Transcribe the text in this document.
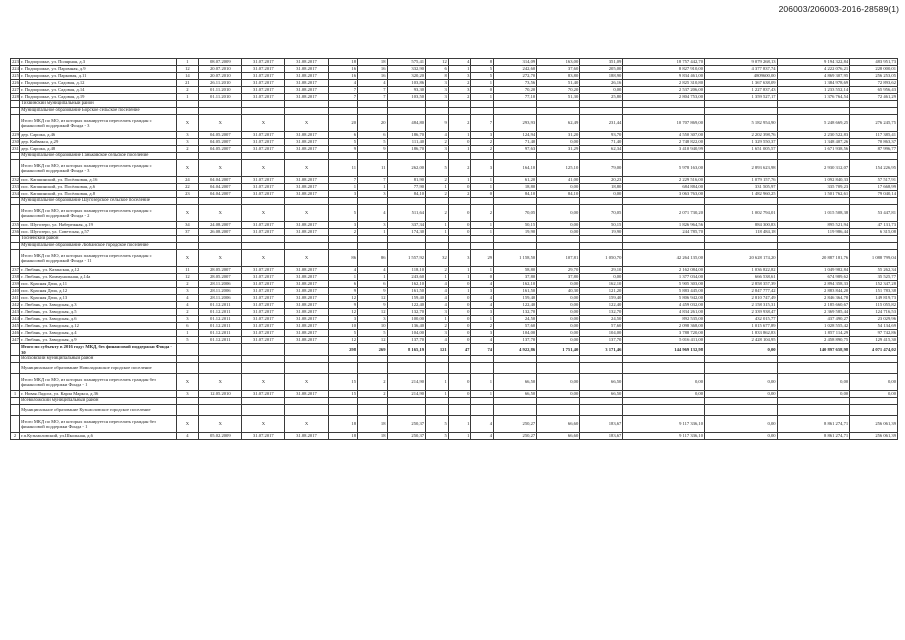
206003/206003-2016-28589(1)
223	г. Подпорожье, ул. Полярная, д.3	1	08.07.2009	31.07.2017	31.08.2017	18	18	575,41	12	4	8	314,09	163,00	351,09	18 757 442,70	9 079 268,13	9 194 322,84	483 951,73
224	г. Подпорожье, ул. Паромная, д.9	12	20.07.2010	31.07.2017	31.08.2017	16	16	332,90	6	1	5	242,60	37,60	205,00	8 827 910,00	4 377 837,74	4 222 076,21	228 000,01
225	г. Подпорожье, ул. Парковая, д.11	14	20.07.2010	31.07.2017	31.08.2017	16	16	320,20	8	3	5	272,70	83,80	188,90	9 834 461,00	4809600,00	4 869 307,95	256 253,05
226	г. Подпорожье, ул. Садовая, д.12	21	26.11.2010	31.07.2017	31.08.2017	4	4	103,86	3	2	1	73,56	51,40	26,16	2 825 310,80	1 367 638,09	1 384 978,69	72 893,62
227	г. Подпорожье, ул. Садовая, д.14	2	01.11.2010	31.07.2017	31.08.2017	7	7	93,30	3	3	0	70,20	70,20	0,00	2 537 206,00	1 227 837,43	1 233 552,14	65 956,43
228	г. Подпорожье, ул. Садовая, д.19	1	01.11.2010	31.07.2017	31.08.2017	7	7	103,50	3	2	1	77,10	51,30	25,80	2 804 753,00	1 359 527,17	1 376 764,54	72 461,29
	Тихвинский муниципальный район																	
	Муниципальное образование Борское сельское поселение																	
	Итого МКД по МО, из которых планируется переселить граждан с финансовой поддержкой Фонда - 3	X	X	X	X	20	20	484,80	9	2	7	293,93	62,49	231,44	10 707 869,00	5 182 954,90	5 248 669,25	276 245,75
229	дер. Сарожа, д.46	3	04.05.2007	31.07.2017	31.08.2017	6	6	186,70	4	1	3	124,94	31,20	93,70	4 550 307,00	2 202 398,76	2 230 522,83	117 385,41
230	дер. Кайваксa, д.29	3	04.05.2007	31.07.2017	31.08.2017	5	5	111,40	2	0	2	71,40	0,00	71,40	2 748 822,00	1 329 550,37	1 348 407,26	70 863,37
231	дер. Сарожа, д.48	2	04.05.2007	31.07.2017	31.08.2017	9	9	186,70	3	1	2	97,63	31,29	62,34	3 410 940,99	1 651 005,57	1 671 938,56	87 996,77
	Муниципальное образование Ганьковское сельское поселение																	
	Итого МКД по МО, из которых планируется переселить граждан с финансовой поддержкой Фонда - 3	X	X	X	X	11	11	262,00	5	2	3	164,10	125,10	79,00	5 978 163,00	2 893 623,98	2 930 312,07	154 226,95
232	пос. Капшинский, ул. Посёлковая, д.16	24	04.04.2007	31.07.2017	31.08.2017	7	7	81,90	2	1	1	61,20	41,00	20,23	2 229 516,00	1 079 157,76	1 092 840,33	57 517,91
233	пос. Капшинский, ул. Посёлковая, д.6	22	04.04.2007	31.07.2017	31.08.2017	1	1	77,90	1	0	1	18,80	0,00	18,80	684 884,00	331 505,97	335 709,23	17 668,99
234	пос. Капшинский, ул. Посёлковая, д.8	23	04.04.2007	31.07.2017	31.08.2017	3	3	84,10	2	2	0	84,10	84,10	0,00	3 063 763,00	1 482 960,25	1 501 762,61	79 040,14
	Муниципальное образование Шугозерское сельское поселение																	
	Итого МКД по МО, из которых планируется переселить граждан с финансовой поддержкой Фонда - 2	X	X	X	X	5	4	511,64	2	0	2	70,05	0,00	70,05	2 071 730,20	1 002 794,01	1 015 508,38	53 447,81
235	пос. Шугозеро, ул. Набережная, д.19	34	24.08.2007	31.07.2017	31.08.2017	3	3	337,34	1	0	1	50,15	0,00	50,15	1 826 964,56	884 300,83	895 521,94	47 131,73
236	пос. Шугозеро, ул. Советская, д.57	37	26.08.2007	31.07.2017	31.08.2017	2	1	174,30	1	0	1	19,90	0,00	19,90	244 785,70	118 484,18	119 986,44	6 315,08
	Тосненский район																	
	Муниципальное образование Любанское городское поселение																	
	Итого МКД по МО, из которых планируется переселить граждан с финансовой поддержкой Фонда - 11	X	X	X	X	86	86	1 557,92	32	3	29	1 158,50	107,81	1 050,70	42 264 135,00	20 628 174,20	20 887 181,76	1 088 799,04
237	г. Любань, ул. Казанская, д.12	11	28.05.2007	31.07.2017	31.08.2017	4	4	118,10	2	1	1	58,80	29,70	29,10	2 162 084,00	1 036 822,82	1 049 982,84	55 262,34
238	г. Любань, ул. Коммунальная, д.14а	12	28.05.2007	31.07.2017	31.08.2017	1	1	243,60	1	1	0	37,80	37,80	0,00	1 377 034,00	666 538,61	674 989,62	35 525,77
239	пос. Красная Дача, д.11	2	28.11.2006	31.07.2017	31.08.2017	6	6	162,10	4	0	4	162,10	0,00	162,10	5 905 303,00	2 858 357,39	2 894 358,33	152 347,28
240	пос. Красная Дача, д.12	3	28.11.2006	31.07.2017	31.08.2017	9	9	161,50	4	1	3	161,50	40,30	121,20	5 883 445,00	2 847 777,42	2 883 844,20	151 783,38
241	пос. Красная Дача, д.13	4	28.11.2006	31.07.2017	31.08.2017	12	12	159,40	4	0	4	159,40	0,00	159,40	5 806 942,00	2 810 747,49	2 846 364,78	149 819,73
242	г. Любань, ул. Заводская, д.3	4	01.12.2011	31.07.2017	31.08.2017	9	9	122,40	4	0	4	122,40	0,00	122,40	4 459 032,00	2 158 315,31	2 185 660,67	115 055,82
243	г. Любань, ул. Заводская, д.5	2	01.12.2011	31.07.2017	31.08.2017	12	12	132,70	3	0	3	132,70	0,00	132,70	4 834 261,00	2 339 938,47	2 369 585,44	124 716,53
244	г. Любань, ул. Заводская, д.6	3	01.12.2011	31.07.2017	31.08.2017	3	3	100,00	1	0	1	24,50	0,00	24,50	892 535,00	432 015,77	437 490,27	23 029,96
245	г. Любань, ул. Заводская, д.12	6	01.12.2011	31.07.2017	31.08.2017	10	10	136,40	2	0	2	57,60	0,00	57,60	2 098 368,00	1 015 677,89	1 028 555,42	54 134,69
246	г. Любань, ул. Заводская, д.4	1	01.12.2011	31.07.2017	31.08.2017	5	5	104,00	3	0	3	104,00	0,00	104,00	3 788 720,00	1 833 862,83	1 857 114,29	97 742,86
247	г. Любань, ул. Заводская, д.9	5	01.12.2011	31.07.2017	31.08.2017	12	12	137,70	4	0	4	137,70	0,00	137,70	5 016 411,00	2 428 104,95	2 458 890,75	129 415,30
	Итого по субъекту в 2016 году: МКД, без финансовой поддержки Фонда - 30					298	269	8 165,19	121	47	74	4 922,86	1 751,40	3 171,46	144 969 132,98	0,00	140 897 658,98	4 071 474,02
	Волховский муниципальный район																	
	Муниципальное образование Новоладожское городское поселение																	
	Итого МКД по МО, из которых планируется переселить граждан без финансовой поддержки Фонда - 1	X	X	X	X	15	2	214,90	1	0	1	66,50	0,00	66,50	0,00	0,00	0,00	0,00
1	г. Новая Ладога, ул. Карла Маркса, д.36	3	12.05.2010	31.07.2017	31.08.2017	15	2	214,90	1	0	1	66,50	0,00	66,50	0,00	0,00	0,00	0,00
	Всеволожский муниципальный район																	
	Муниципальное образование Кузьмоловское городское поселение																	
	Итого МКД по МО, из которых планируется переселить граждан без финансовой поддержки Фонда - 1	X	X	X	X	18	18	250,37	5	1	4	250,27	66,60	183,67	9 117 336,10	0,00	8 861 274,71	256 061,39
2	г.п.Кузьмоловский, ул.Школьная, д.6	4	05.02.2009	31.07.2017	31.08.2017	18	18	250,37	5	1	4	250,27	66,60	183,67	9 117 336,10	0,00	8 861 274,71	256 061,39
